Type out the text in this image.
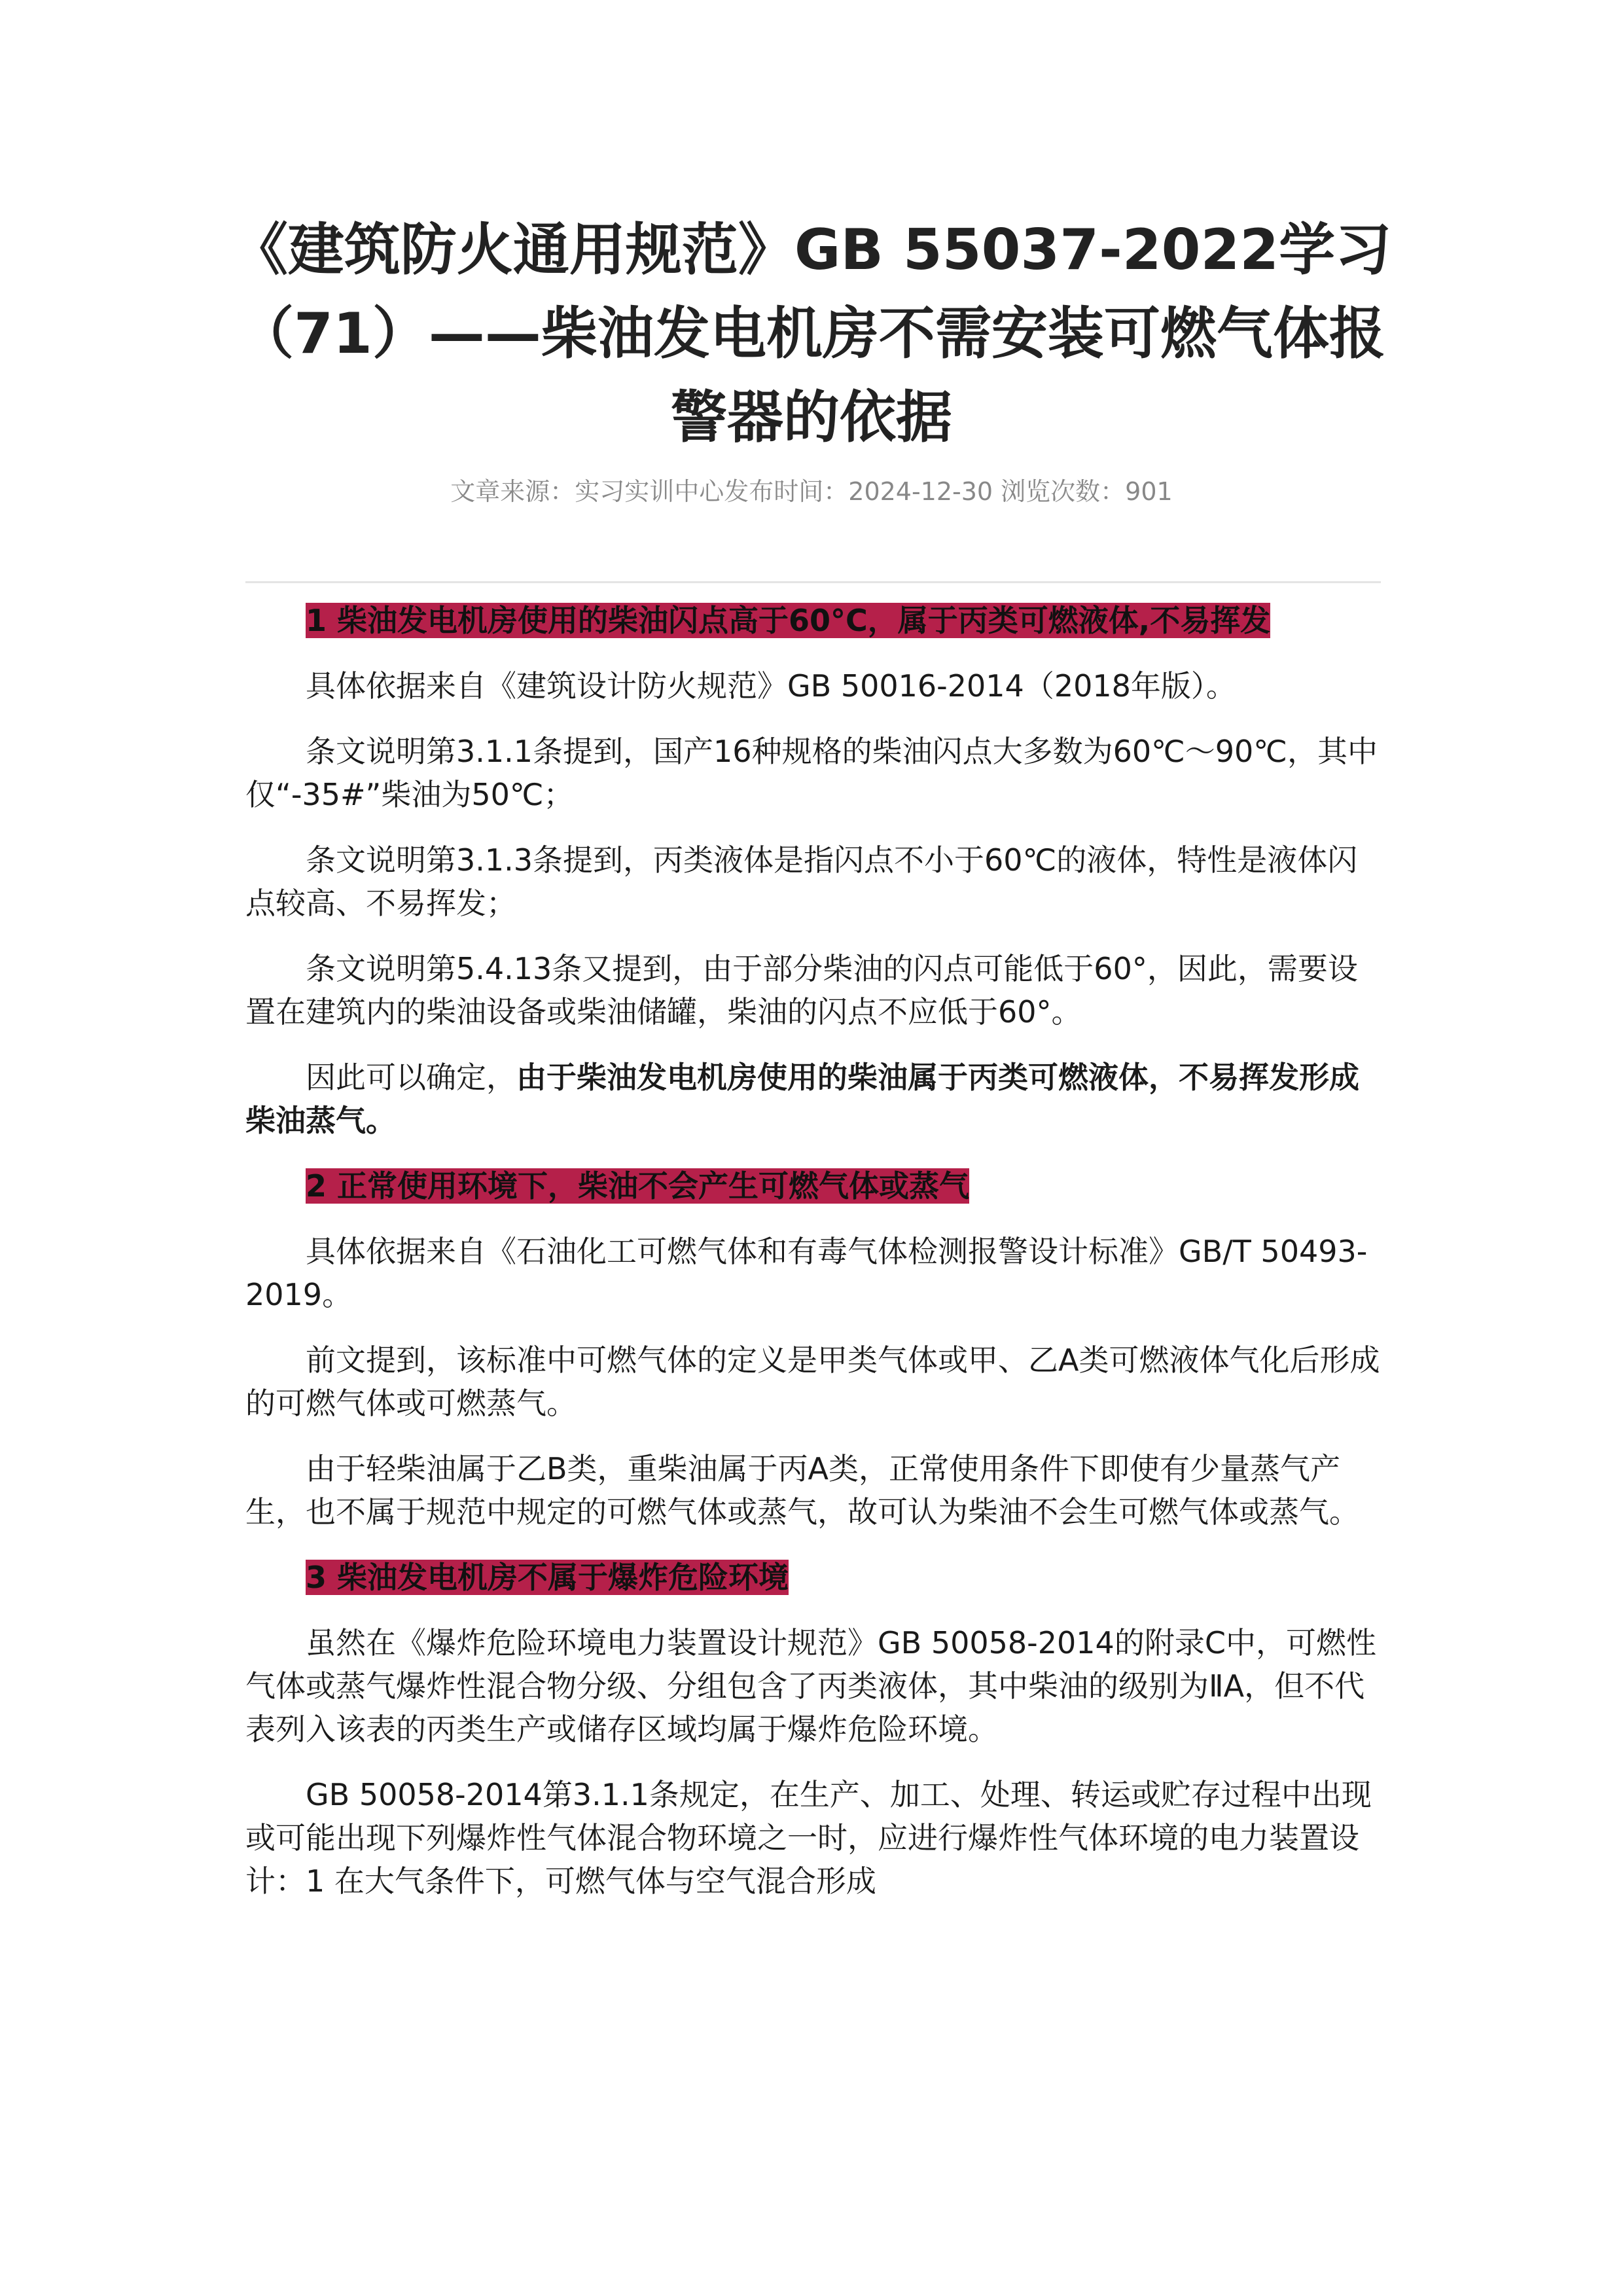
《建筑防火通用规范》GB 55037-2022学习（71）——柴油发电机房不需安装可燃气体报警器的依据
文章来源：实习实训中心发布时间：2024-12-30 浏览次数：901

1 柴油发电机房使用的柴油闪点高于60°C，属于丙类可燃液体,不易挥发

具体依据来自《建筑设计防火规范》GB 50016-2014（2018年版）。

条文说明第3.1.1条提到，国产16种规格的柴油闪点大多数为60℃～90℃，其中仅“-35#”柴油为50℃；

条文说明第3.1.3条提到，丙类液体是指闪点不小于60℃的液体，特性是液体闪点较高、不易挥发；

条文说明第5.4.13条又提到，由于部分柴油的闪点可能低于60°，因此，需要设置在建筑内的柴油设备或柴油储罐，柴油的闪点不应低于60°。

因此可以确定，由于柴油发电机房使用的柴油属于丙类可燃液体，不易挥发形成柴油蒸气。

2 正常使用环境下，柴油不会产生可燃气体或蒸气

具体依据来自《石油化工可燃气体和有毒气体检测报警设计标准》GB/T 50493-2019。

前文提到，该标准中可燃气体的定义是甲类气体或甲、乙A类可燃液体气化后形成的可燃气体或可燃蒸气。

由于轻柴油属于乙B类，重柴油属于丙A类，正常使用条件下即使有少量蒸气产生，也不属于规范中规定的可燃气体或蒸气，故可认为柴油不会生可燃气体或蒸气。

3 柴油发电机房不属于爆炸危险环境

虽然在《爆炸危险环境电力装置设计规范》GB 50058-2014的附录C中，可燃性气体或蒸气爆炸性混合物分级、分组包含了丙类液体，其中柴油的级别为ⅡA，但不代表列入该表的丙类生产或储存区域均属于爆炸危险环境。

GB 50058-2014第3.1.1条规定，在生产、加工、处理、转运或贮存过程中出现或可能出现下列爆炸性气体混合物环境之一时，应进行爆炸性气体环境的电力装置设计：1 在大气条件下，可燃气体与空气混合形成
